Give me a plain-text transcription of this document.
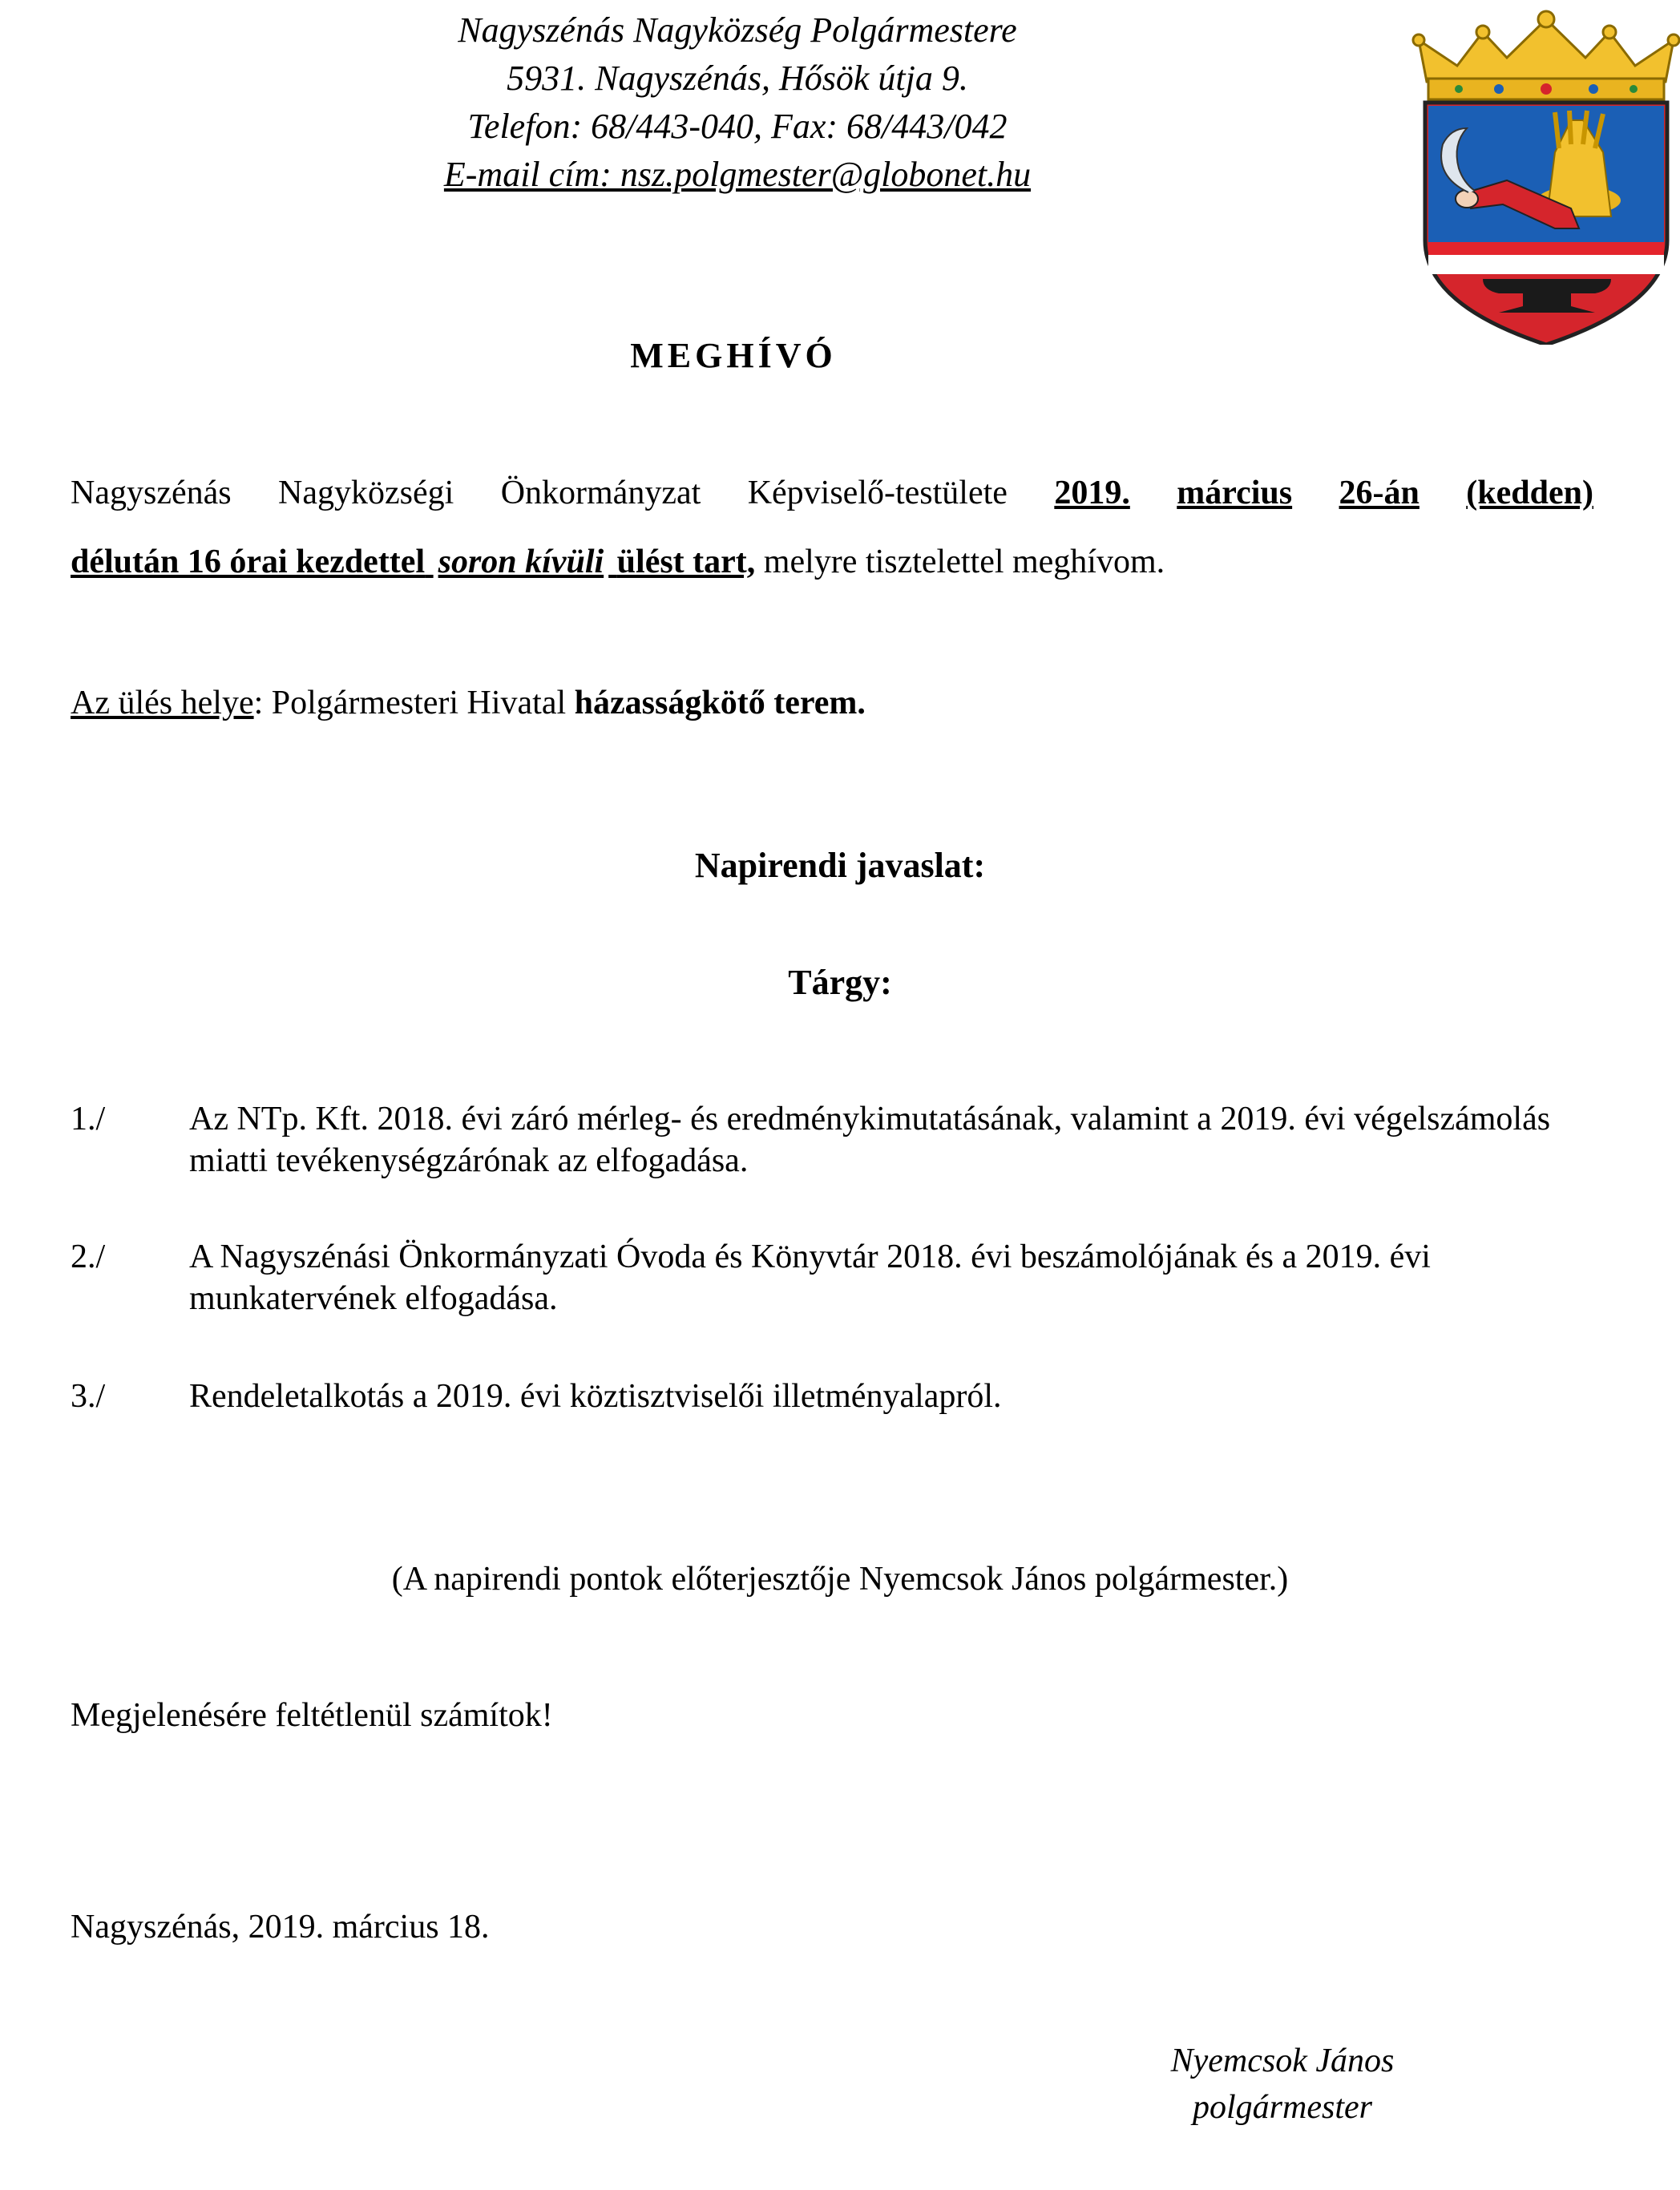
Nagyszénás Nagyközség Polgármestere
5931. Nagyszénás, Hősök útja 9.
Telefon: 68/443-040, Fax: 68/443/042
E-mail cím: nsz.polgmester@globonet.hu
MEGHÍVÓ
Nagyszénás Nagyközségi Önkormányzat Képviselő-testülete 2019. március 26-án (kedden)
délután 16 órai kezdettel soron kívüli ülést tart, melyre tisztelettel meghívom.
Az ülés helye: Polgármesteri Hivatal házasságkötő terem.
Napirendi javaslat:
Tárgy:
1./ Az NTp. Kft. 2018. évi záró mérleg- és eredménykimutatásának, valamint a 2019. évi végelszámolás miatti tevékenységzárónak az elfogadása.
2./ A Nagyszénási Önkormányzati Óvoda és Könyvtár 2018. évi beszámolójának és a 2019. évi munkatervének elfogadása.
3./ Rendeletalkotás a 2019. évi köztisztviselői illetményalapról.
(A napirendi pontok előterjesztője Nyemcsok János polgármester.)
Megjelenésére feltétlenül számítok!
Nagyszénás, 2019. március 18.
Nyemcsok János
polgármester
